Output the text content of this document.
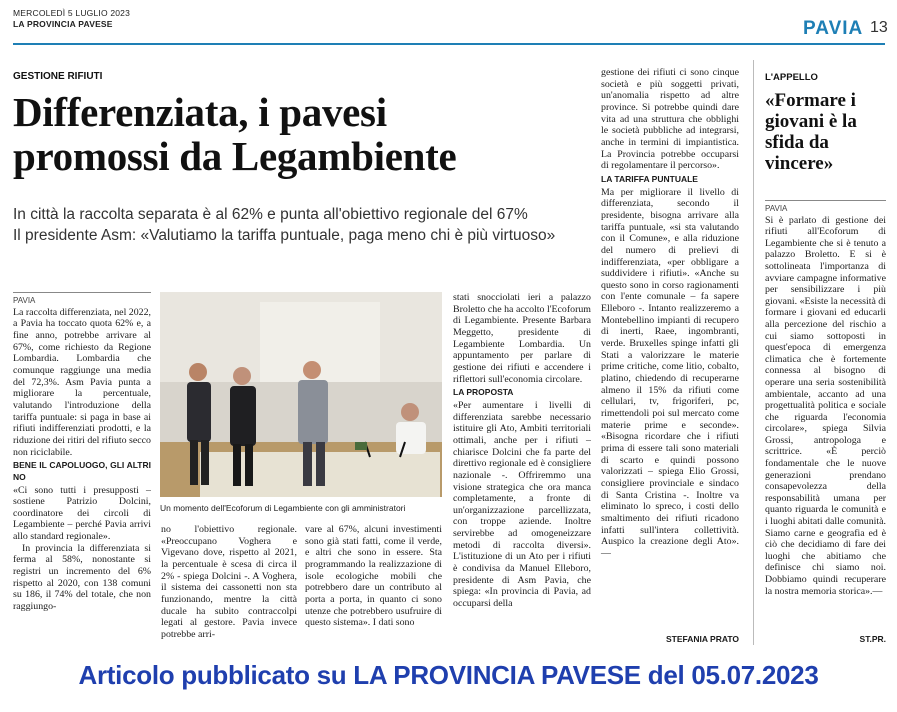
MERCOLEDÌ 5 LUGLIO 2023
LA PROVINCIA PAVESE	PAVIA 13
GESTIONE RIFIUTI
Differenziata, i pavesi
promossi da Legambiente
In città la raccolta separata è al 62% e punta all'obiettivo regionale del 67%
Il presidente Asm: «Valutiamo la tariffa puntuale, paga meno chi è più virtuoso»
PAVIA

La raccolta differenziata, nel 2022, a Pavia ha toccato quota 62% e, a fine anno, potrebbe arrivare al 67%, come richiesto da Regione Lombardia. Lombardia che comunque raggiunge una media del 72,3%. Asm Pavia punta a migliorare la percentuale, valutando l'introduzione della tariffa puntuale: si paga in base ai rifiuti indifferenziati prodotti, e la riduzione dei ritiri del rifiuto secco non riciclabile.

BENE IL CAPOLUOGO, GLI ALTRI NO

«Ci sono tutti i presupposti – sostiene Patrizio Dolcini, coordinatore dei circoli di Legambiente – perché Pavia arrivi allo standard regionale».

In provincia la differenziata si ferma al 58%, nonostante si registri un incremento del 6% rispetto al 2020, con 138 comuni su 186, il 74% del totale, che non raggiungo-

Un momento dell'Ecoforum di Legambiente con gli amministratori

no l'obiettivo regionale. «Preoccupano Voghera e Vigevano dove, rispetto al 2021, la percentuale è scesa di circa il 2% - spiega Dolcini -. A Voghera, il sistema dei cassonetti non sta funzionando, mentre la città ducale ha subito contraccolpi legati al gestore. Pavia invece potrebbe arri-

vare al 67%, alcuni investimenti sono già stati fatti, come il verde, e altri che sono in essere. Sta programmando la realizzazione di isole ecologiche mobili che potrebbero dare un contributo al porta a porta, in quanto ci sono utenze che potrebbero usufruire di questo sistema». I dati sono

stati snocciolati ieri a palazzo Broletto che ha accolto l'Ecoforum di Legambiente. Presente Barbara Meggetto, presidente di Legambiente Lombardia. Un appuntamento per parlare di gestione dei rifiuti e accendere i riflettori sull'economia circolare.

LA PROPOSTA

«Per aumentare i livelli di differenziata sarebbe necessario istituire gli Ato, Ambiti territoriali ottimali, anche per i rifiuti – chiarisce Dolcini che fa parte del direttivo regionale ed è consigliere nazionale -. Offriremmo una visione strategica che ora manca completamente, a fronte di un'organizzazione parcellizzata, con troppe aziende. Inoltre servirebbe ad omogeneizzare metodi di raccolta diversi». L'istituzione di un Ato per i rifiuti è condivisa da Manuel Elleboro, presidente di Asm Pavia, che spiega: «In provincia di Pavia, ad occuparsi della

gestione dei rifiuti ci sono cinque società e più soggetti privati, un'anomalia rispetto ad altre province. Si potrebbe quindi dare vita ad una struttura che obblighi le società pubbliche ad integrarsi, anche in termini di impiantistica. La Provincia potrebbe occuparsi di regolamentare il percorso».

LA TARIFFA PUNTUALE

Ma per migliorare il livello di differenziata, secondo il presidente, bisogna arrivare alla tariffa puntuale, «si sta valutando con il Comune», e alla riduzione del numero di prelievi di indifferenziata, «per obbligare a suddividere i rifiuti». «Anche su questo sono in corso ragionamenti con l'ente comunale – fa sapere Elleboro -. Intanto realizzeremo a Montebellino impianti di recupero di inerti, Raee, ingombranti, verde. Bruxelles spinge infatti gli Stati a valorizzare le materie prime critiche, come litio, cobalto, platino, chiedendo di recuperarne almeno il 15% da rifiuti come cellulari, tv, frigoriferi, pc, rimettendoli poi sul mercato come materie prime e seconde». «Bisogna ricordare che i rifiuti prima di essere tali sono materiali di scarto e quindi possono valorizzati – spiega Elio Grossi, consigliere provinciale e sindaco di Santa Cristina -. Inoltre va eliminato lo spreco, i costi dello smaltimento dei rifiuti ricadono infatti sull'intera collettività. Auspico la creazione degli Ato».—

STEFANIA PRATO
L'APPELLO
«Formare i giovani è la sfida da vincere»
PAVIA

Si è parlato di gestione dei rifiuti all'Ecoforum di Legambiente che si è tenuto a palazzo Broletto. E si è sottolineata l'importanza di avviare campagne informative per sensibilizzare i più giovani. «Esiste la necessità di formare i giovani ed educarli alla percezione del rischio a cui siamo sottoposti in quest'epoca di emergenza climatica che è fortemente connessa al bisogno di operare una seria sostenibilità ambientale, accanto ad una progettualità politica e sociale che riguarda l'economia circolare», spiega Silvia Grossi, antropologa e scrittrice. «È perciò fondamentale che le nuove generazioni prendano consapevolezza della responsabilità umana per quanto riguarda le comunità e i luoghi abitati dalle comunità. Siamo carne e geografia ed è ciò che decidiamo di fare dei luoghi che abitiamo che definisce chi siamo noi. Dobbiamo quindi recuperare la nostra memoria storica».—

ST.PR.
Articolo pubblicato su LA PROVINCIA PAVESE del 05.07.2023
